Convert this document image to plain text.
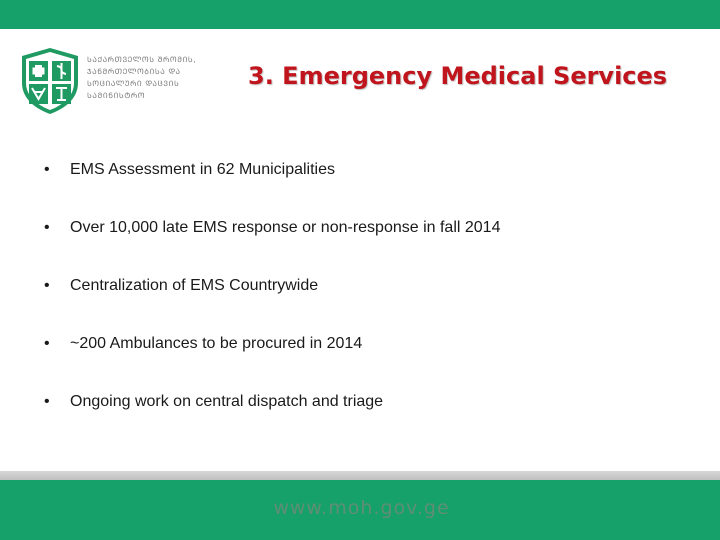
ᲡᲐᲥᲐᲠᲗᲕᲔᲚᲝᲡ ᲨᲠᲝᲛᲘᲡ,
ᲯᲐᲜᲛᲠᲗᲔᲚᲝᲑᲘᲡᲐ ᲓᲐ
ᲡᲝᲪᲘᲐᲚᲣᲠᲘ ᲓᲐᲪᲕᲘᲡ
ᲡᲐᲛᲘᲜᲘᲡᲢᲠᲝ
3. Emergency Medical Services
• EMS Assessment in 62 Municipalities
• Over 10,000 late EMS response or non-response in fall 2014
• Centralization of EMS Countrywide
• ~200 Ambulances to be procured in 2014
• Ongoing work on central dispatch and triage
www.moh.gov.ge
